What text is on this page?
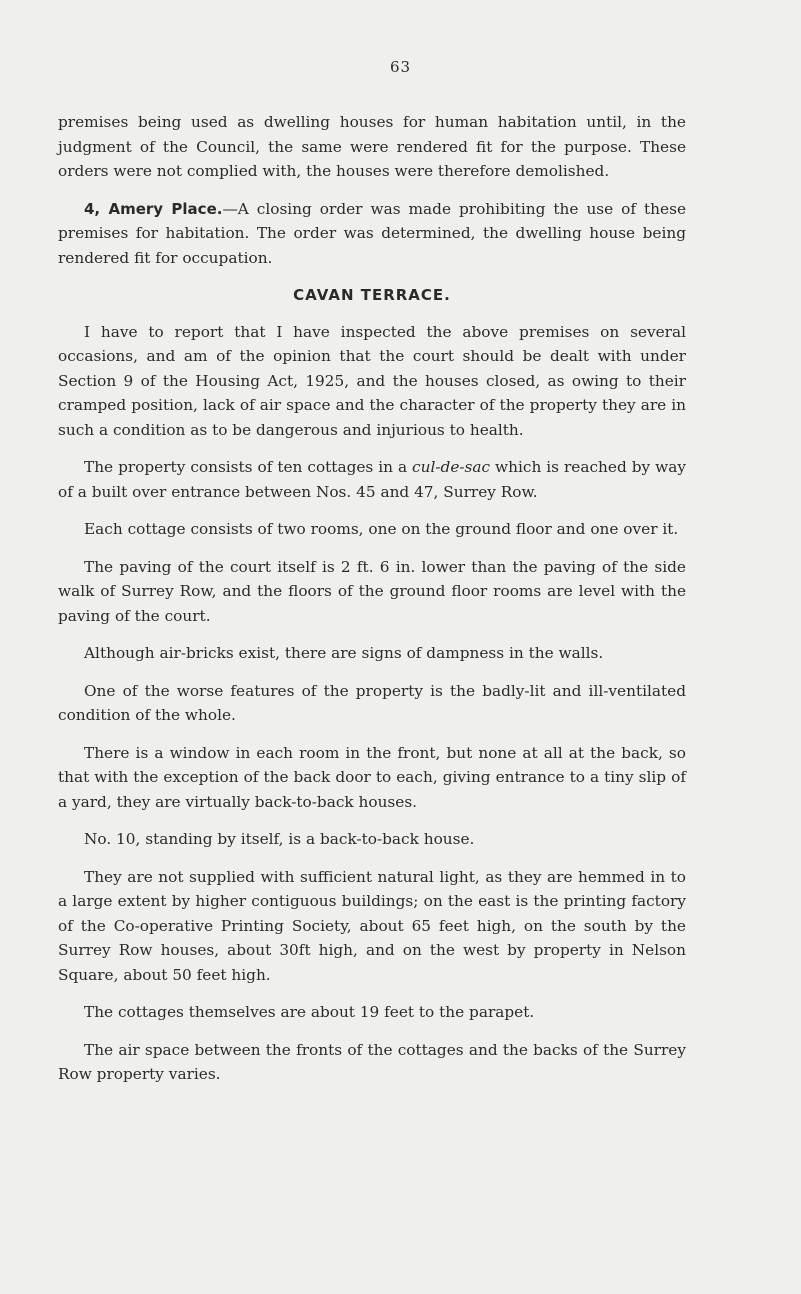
63

premises being used as dwelling houses for human habitation until, in the judgment of the Council, the same were rendered fit for the purpose. These orders were not complied with, the houses were therefore demolished.

4, Amery Place.—A closing order was made prohibiting the use of these premises for habitation. The order was determined, the dwelling house being rendered fit for occupation.

CAVAN TERRACE.

I have to report that I have inspected the above premises on several occasions, and am of the opinion that the court should be dealt with under Section 9 of the Housing Act, 1925, and the houses closed, as owing to their cramped position, lack of air space and the character of the property they are in such a condition as to be dangerous and injurious to health.

The property consists of ten cottages in a cul-de-sac which is reached by way of a built over entrance between Nos. 45 and 47, Surrey Row.

Each cottage consists of two rooms, one on the ground floor and one over it.

The paving of the court itself is 2 ft. 6 in. lower than the paving of the side walk of Surrey Row, and the floors of the ground floor rooms are level with the paving of the court.

Although air-bricks exist, there are signs of dampness in the walls.

One of the worse features of the property is the badly-lit and ill-ventilated condition of the whole.

There is a window in each room in the front, but none at all at the back, so that with the exception of the back door to each, giving entrance to a tiny slip of a yard, they are virtually back-to-back houses.

No. 10, standing by itself, is a back-to-back house.

They are not supplied with sufficient natural light, as they are hemmed in to a large extent by higher contiguous buildings; on the east is the printing factory of the Co-operative Printing Society, about 65 feet high, on the south by the Surrey Row houses, about 30ft high, and on the west by property in Nelson Square, about 50 feet high.

The cottages themselves are about 19 feet to the parapet.

The air space between the fronts of the cottages and the backs of the Surrey Row property varies.
